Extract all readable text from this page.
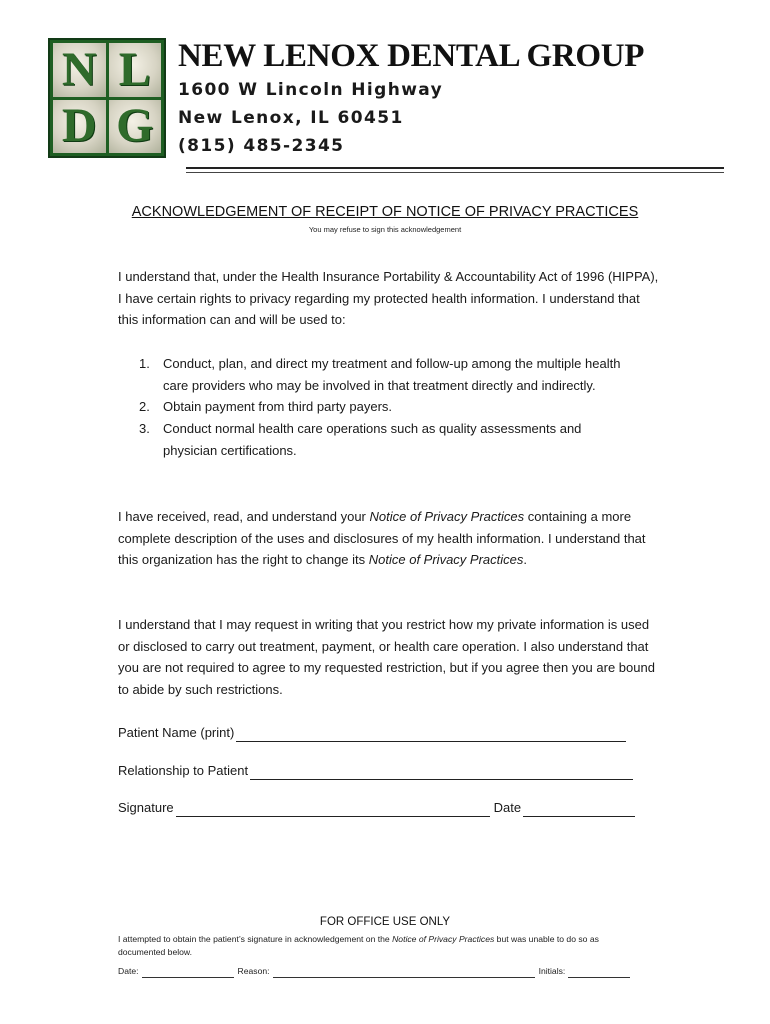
N L
D G
NEW LENOX DENTAL GROUP

1600 W Lincoln Highway

New Lenox, IL 60451

(815) 485-2345

ACKNOWLEDGEMENT OF RECEIPT OF NOTICE OF PRIVACY PRACTICES
You may refuse to sign this acknowledgement

I understand that, under the Health Insurance Portability & Accountability Act of 1996 (HIPPA), I have certain rights to privacy regarding my protected health information. I understand that this information can and will be used to:

1. Conduct, plan, and direct my treatment and follow-up among the multiple health care providers who may be involved in that treatment directly and indirectly.
2. Obtain payment from third party payers.
3. Conduct normal health care operations such as quality assessments and physician certifications.

I have received, read, and understand your Notice of Privacy Practices containing a more complete description of the uses and disclosures of my health information. I understand that this organization has the right to change its Notice of Privacy Practices.

I understand that I may request in writing that you restrict how my private information is used or disclosed to carry out treatment, payment, or health care operation. I also understand that you are not required to agree to my requested restriction, but if you agree then you are bound to abide by such restrictions.

Patient Name (print)
Relationship to Patient
Signature	Date
FOR OFFICE USE ONLY

I attempted to obtain the patient’s signature in acknowledgement on the Notice of Privacy Practices but was unable to do so as documented below.

Date:	Reason:	Initials:
